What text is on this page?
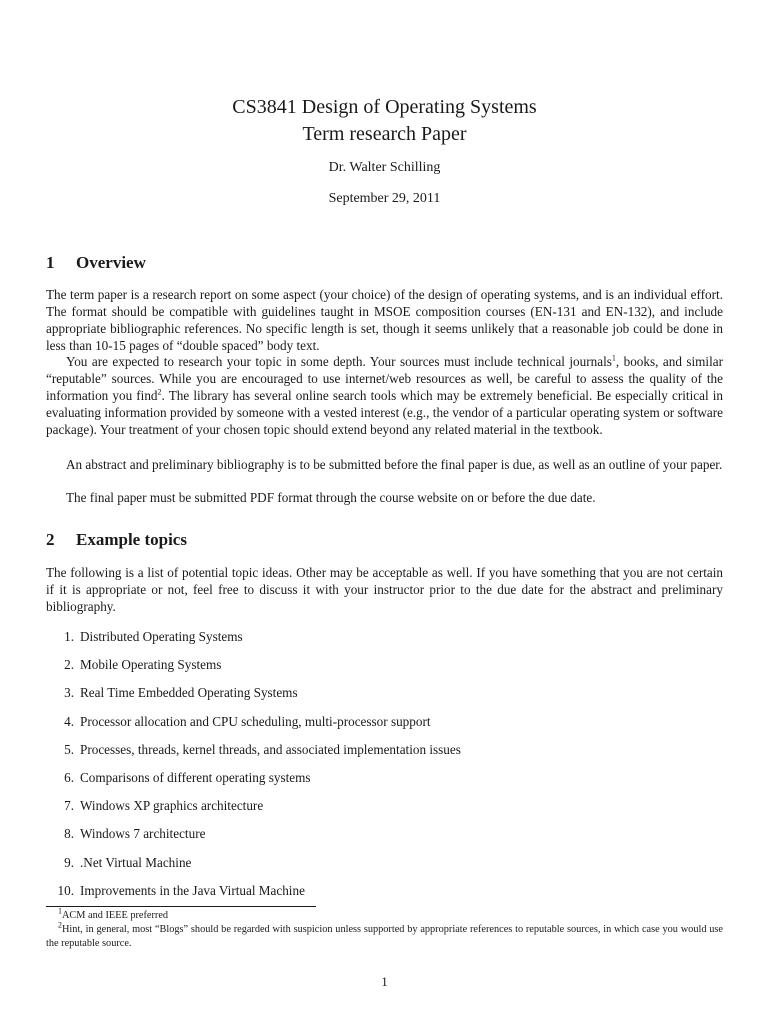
CS3841 Design of Operating Systems
Term research Paper
Dr. Walter Schilling
September 29, 2011
1 Overview
The term paper is a research report on some aspect (your choice) of the design of operating systems, and is an individual effort. The format should be compatible with guidelines taught in MSOE composition courses (EN-131 and EN-132), and include appropriate bibliographic references. No specific length is set, though it seems unlikely that a reasonable job could be done in less than 10-15 pages of “double spaced” body text.
You are expected to research your topic in some depth. Your sources must include technical journals$^1$, books, and similar “reputable” sources. While you are encouraged to use internet/web resources as well, be careful to assess the quality of the information you find$^2$. The library has several online search tools which may be extremely beneficial. Be especially critical in evaluating information provided by someone with a vested interest (e.g., the vendor of a particular operating system or software package). Your treatment of your chosen topic should extend beyond any related material in the textbook.
An abstract and preliminary bibliography is to be submitted before the final paper is due, as well as an outline of your paper.
The final paper must be submitted PDF format through the course website on or before the due date.
2 Example topics
The following is a list of potential topic ideas. Other may be acceptable as well. If you have something that you are not certain if it is appropriate or not, feel free to discuss it with your instructor prior to the due date for the abstract and preliminary bibliography.
1. Distributed Operating Systems
2. Mobile Operating Systems
3. Real Time Embedded Operating Systems
4. Processor allocation and CPU scheduling, multi-processor support
5. Processes, threads, kernel threads, and associated implementation issues
6. Comparisons of different operating systems
7. Windows XP graphics architecture
8. Windows 7 architecture
9. .Net Virtual Machine
10. Improvements in the Java Virtual Machine
$^1$ACM and IEEE preferred
$^2$Hint, in general, most “Blogs” should be regarded with suspicion unless supported by appropriate references to reputable sources, in which case you would use the reputable source.
1
